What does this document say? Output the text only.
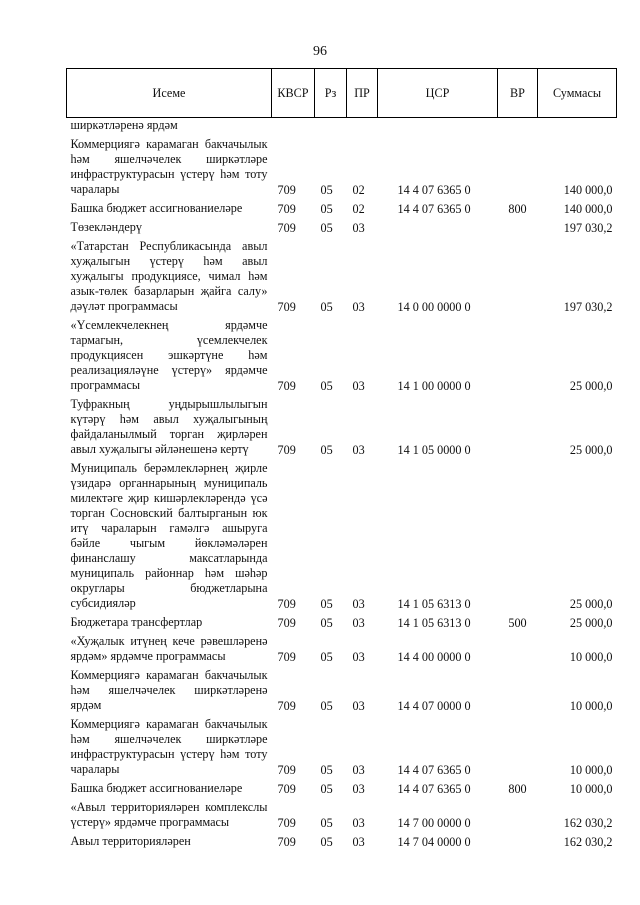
96
Исеме	КВСР	Рз	ПР	ЦСР	ВР	Суммасы
ширкәтләренә ярдәм						
Коммерциягә карамаган бакчачылык һәм яшелчәчелек ширкәтләре инфраструктурасын үстерү һәм тоту чаралары	709	05	02	14 4 07 6365 0		140 000,0
Башка бюджет ассигнованиеләре	709	05	02	14 4 07 6365 0	800	140 000,0
Төзекләндерү	709	05	03			197 030,2
«Татарстан Республикасында авыл хуҗалыгын үстерү һәм авыл хуҗалыгы продукциясе, чимал һәм азык-төлек базарларын җайга салу» дәүләт программасы	709	05	03	14 0 00 0000 0		197 030,2
«Үсемлекчелекнең ярдәмче тармагын, үсемлекчелек продукциясен эшкәртүне һәм реализацияләүне үстерү» ярдәмче программасы	709	05	03	14 1 00 0000 0		25 000,0
Туфракның уңдырышлылыгын күтәрү һәм авыл хуҗалыгының файдаланылмый торган җирләрен авыл хуҗалыгы әйләнешенә кертү	709	05	03	14 1 05 0000 0		25 000,0
Муниципаль берәмлекләрнең җирле үзидарә органнарының муниципаль милектәге җир кишәрлекләрендә үсә торган Сосновский балтырганын юк итү чараларын гамәлгә ашыруга бәйле чыгым йөкләмәләрен финанслашу максатларында муниципаль районнар һәм шәһәр округлары бюджетларына субсидияләр	709	05	03	14 1 05 6313 0		25 000,0
Бюджетара трансфертлар	709	05	03	14 1 05 6313 0	500	25 000,0
«Хуҗалык итүнең кече рәвешләренә ярдәм» ярдәмче программасы	709	05	03	14 4 00 0000 0		10 000,0
Коммерциягә карамаган бакчачылык һәм яшелчәчелек ширкәтләренә ярдәм	709	05	03	14 4 07 0000 0		10 000,0
Коммерциягә карамаган бакчачылык һәм яшелчәчелек ширкәтләре инфраструктурасын үстерү һәм тоту чаралары	709	05	03	14 4 07 6365 0		10 000,0
Башка бюджет ассигнованиеләре	709	05	03	14 4 07 6365 0	800	10 000,0
«Авыл территорияләрен комплекслы үстерү» ярдәмче программасы	709	05	03	14 7 00 0000 0		162 030,2
Авыл территорияләрен	709	05	03	14 7 04 0000 0		162 030,2
